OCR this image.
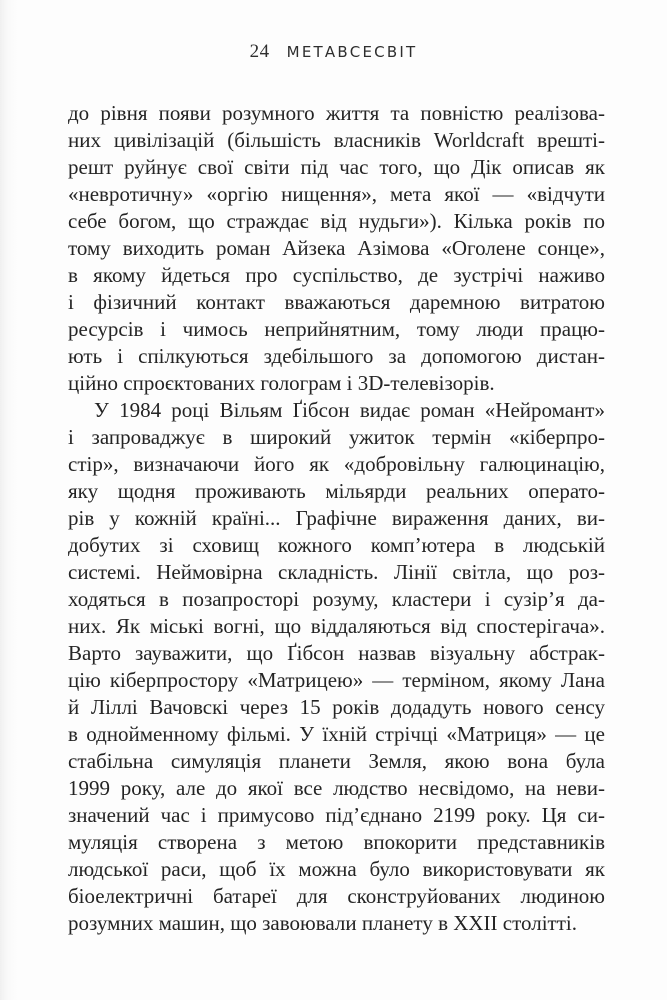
24 МЕТАВСЕСВІТ

до рівня появи розумного життя та повністю реалізова-
них цивілізацій (більшість власників Worldcraft врешті-
решт руйнує свої світи під час того, що Дік описав як
«невротичну» «оргію нищення», мета якої — «відчути
себе богом, що страждає від нудьги»). Кілька років по
тому виходить роман Айзека Азімова «Оголене сонце»,
в якому йдеться про суспільство, де зустрічі наживо
і фізичний контакт вважаються даремною витратою
ресурсів і чимось неприйнятним, тому люди працю-
ють і спілкуються здебільшого за допомогою дистан-
ційно спроєктованих голограм і 3D-телевізорів.

У 1984 році Вільям Ґібсон видає роман «Нейромант»
і запроваджує в широкий ужиток термін «кіберпро-
стір», визначаючи його як «добровільну галюцинацію,
яку щодня проживають мільярди реальних операто-
рів у кожній країні... Графічне вираження даних, ви-
добутих зі сховищ кожного комп’ютера в людській
системі. Неймовірна складність. Лінії світла, що роз-
ходяться в позапросторі розуму, кластери і сузір’я да-
них. Як міські вогні, що віддаляються від спостерігача».
Варто зауважити, що Ґібсон назвав візуальну абстрак-
цію кіберпростору «Матрицею» — терміном, якому Лана
й Ліллі Вачовскі через 15 років додадуть нового сенсу
в однойменному фільмі. У їхній стрічці «Матриця» — це
стабільна симуляція планети Земля, якою вона була
1999 року, але до якої все людство несвідомо, на неви-
значений час і примусово під’єднано 2199 року. Ця си-
муляція створена з метою впокорити представників
людської раси, щоб їх можна було використовувати як
біоелектричні батареї для сконструйованих людиною
розумних машин, що завоювали планету в XXII столітті.
